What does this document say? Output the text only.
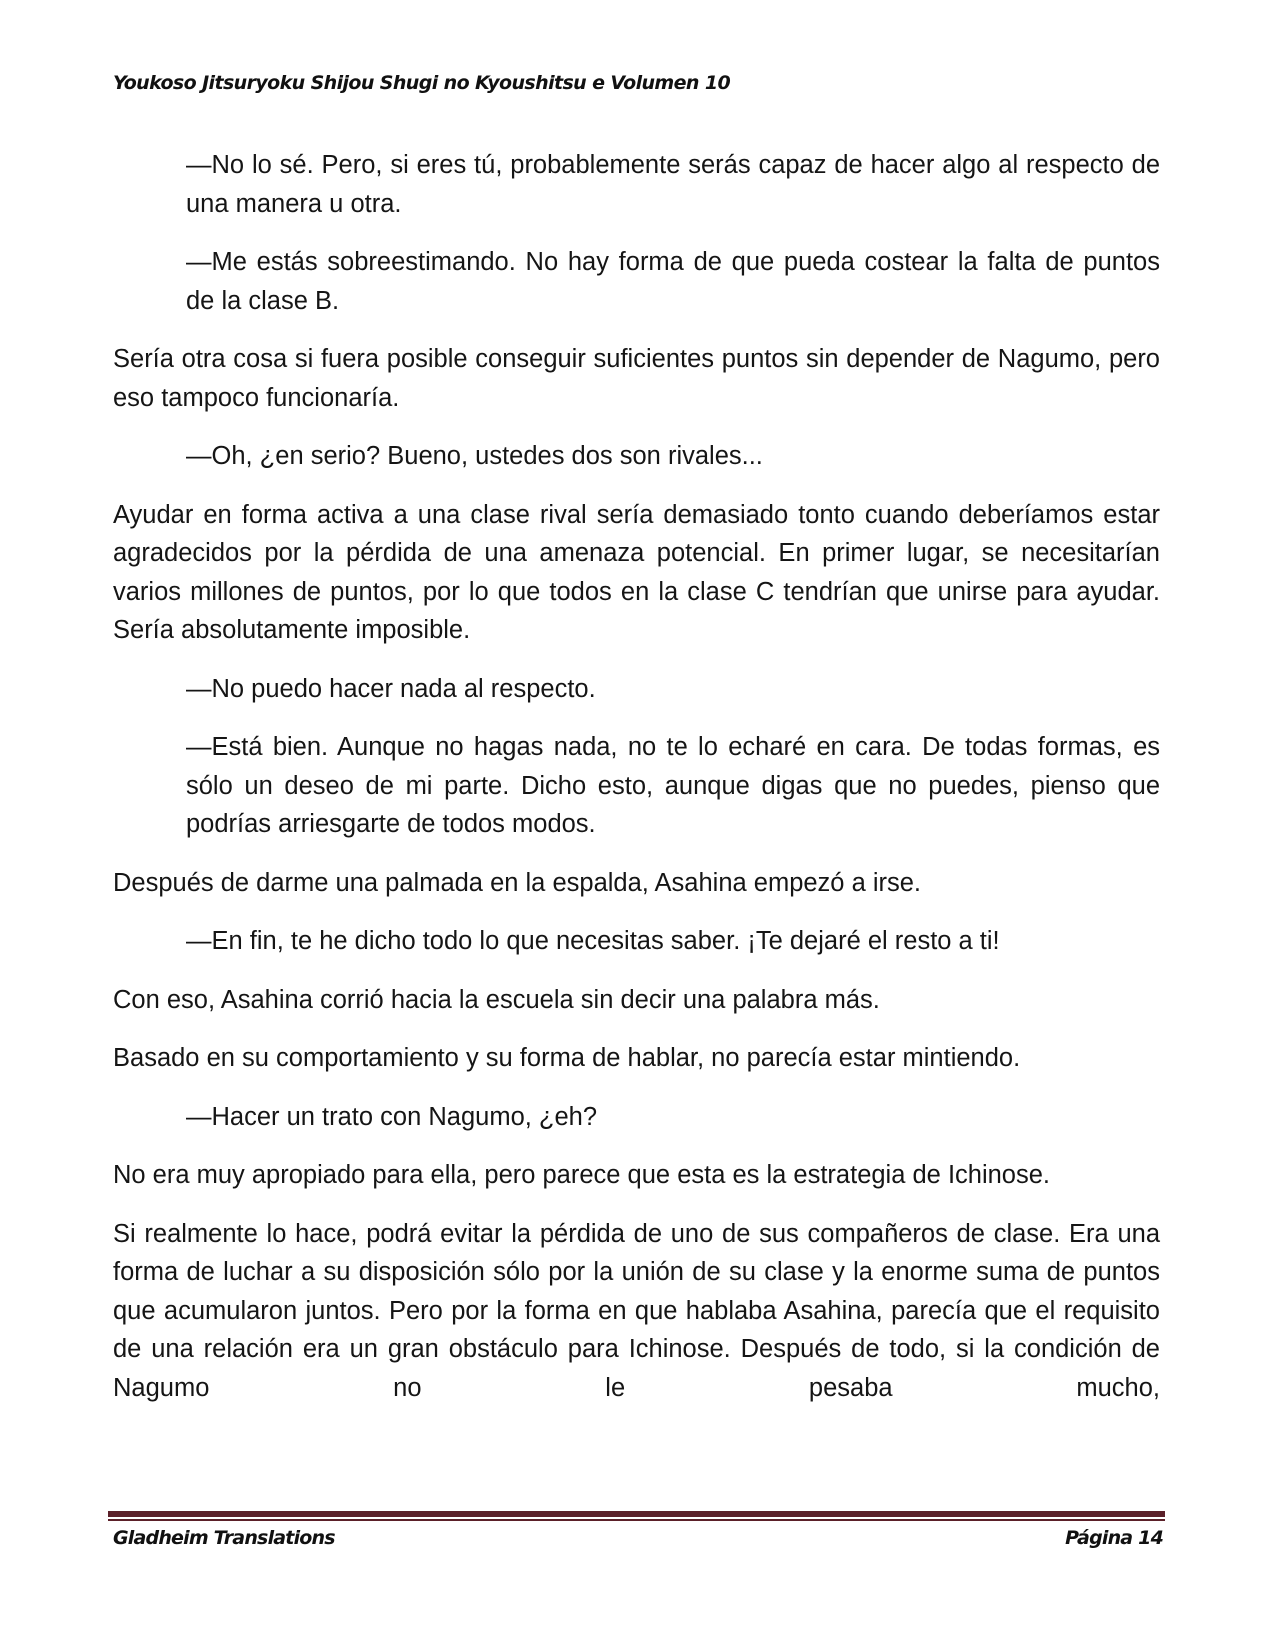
Youkoso Jitsuryoku Shijou Shugi no Kyoushitsu e Volumen 10

—No lo sé. Pero, si eres tú, probablemente serás capaz de hacer algo al respecto de una manera u otra.

—Me estás sobreestimando. No hay forma de que pueda costear la falta de puntos de la clase B.

Sería otra cosa si fuera posible conseguir suficientes puntos sin depender de Nagumo, pero eso tampoco funcionaría.

—Oh, ¿en serio? Bueno, ustedes dos son rivales...

Ayudar en forma activa a una clase rival sería demasiado tonto cuando deberíamos estar agradecidos por la pérdida de una amenaza potencial. En primer lugar, se necesitarían varios millones de puntos, por lo que todos en la clase C tendrían que unirse para ayudar. Sería absolutamente imposible.

—No puedo hacer nada al respecto.

—Está bien. Aunque no hagas nada, no te lo echaré en cara. De todas formas, es sólo un deseo de mi parte. Dicho esto, aunque digas que no puedes, pienso que podrías arriesgarte de todos modos.

Después de darme una palmada en la espalda, Asahina empezó a irse.

—En fin, te he dicho todo lo que necesitas saber. ¡Te dejaré el resto a ti!

Con eso, Asahina corrió hacia la escuela sin decir una palabra más.

Basado en su comportamiento y su forma de hablar, no parecía estar mintiendo.

—Hacer un trato con Nagumo, ¿eh?

No era muy apropiado para ella, pero parece que esta es la estrategia de Ichinose.

Si realmente lo hace, podrá evitar la pérdida de uno de sus compañeros de clase. Era una forma de luchar a su disposición sólo por la unión de su clase y la enorme suma de puntos que acumularon juntos. Pero por la forma en que hablaba Asahina, parecía que el requisito de una relación era un gran obstáculo para Ichinose. Después de todo, si la condición de Nagumo no le pesaba mucho,

Gladheim Translations	Página 14
